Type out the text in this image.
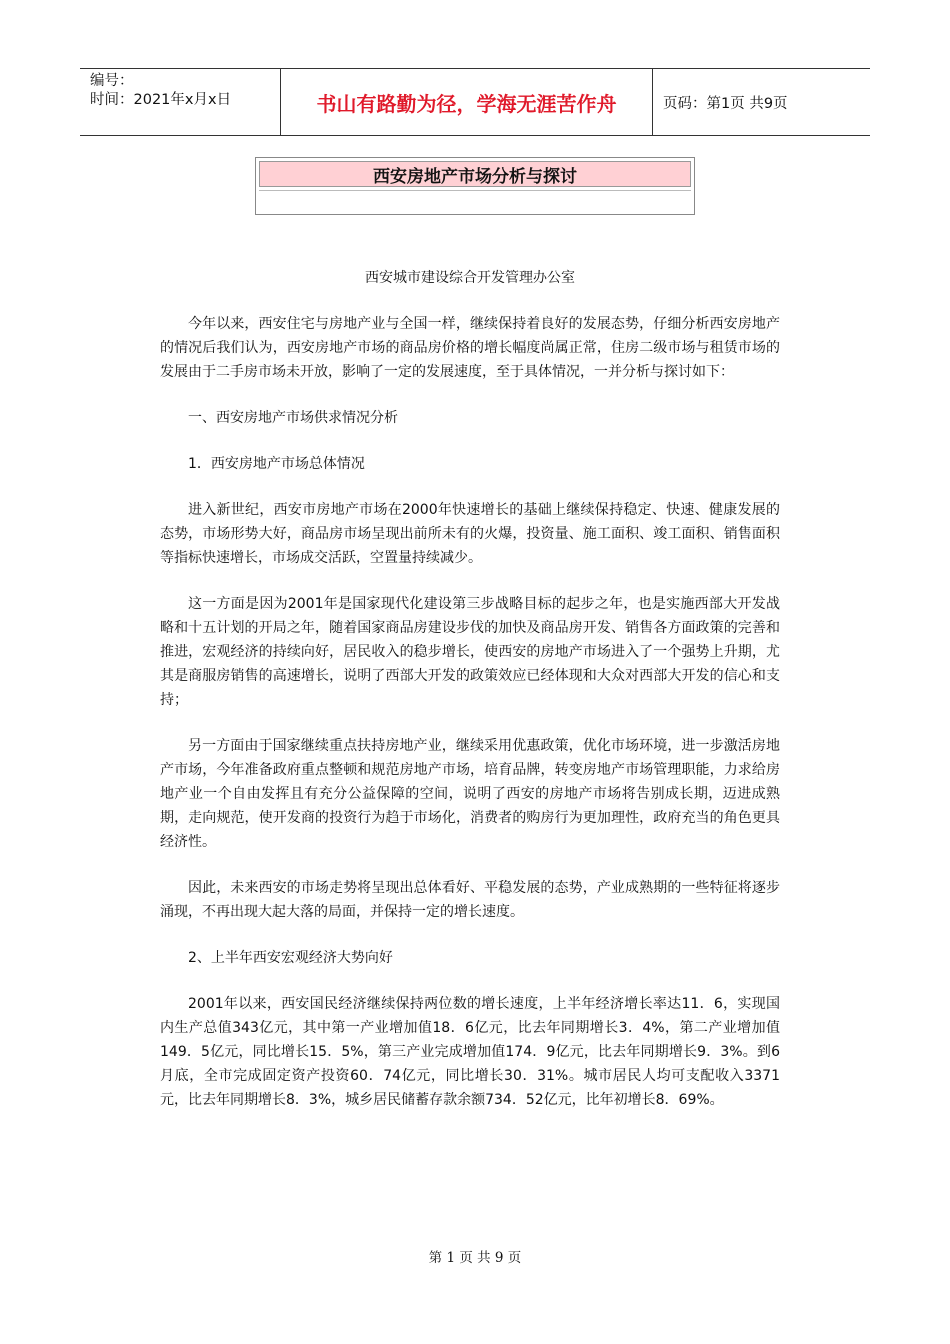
编号：
时间：2021年x月x日	书山有路勤为径，学海无涯苦作舟	页码：第1页 共9页
西安房地产市场分析与探讨

西安城市建设综合开发管理办公室

今年以来，西安住宅与房地产业与全国一样，继续保持着良好的发展态势，仔细分析西安房地产的情况后我们认为，西安房地产市场的商品房价格的增长幅度尚属正常，住房二级市场与租赁市场的发展由于二手房市场未开放，影响了一定的发展速度，至于具体情况，一并分析与探讨如下：

一、西安房地产市场供求情况分析

1．西安房地产市场总体情况

进入新世纪，西安市房地产市场在2000年快速增长的基础上继续保持稳定、快速、健康发展的态势，市场形势大好，商品房市场呈现出前所未有的火爆，投资量、施工面积、竣工面积、销售面积等指标快速增长，市场成交活跃，空置量持续减少。

这一方面是因为2001年是国家现代化建设第三步战略目标的起步之年，也是实施西部大开发战略和十五计划的开局之年，随着国家商品房建设步伐的加快及商品房开发、销售各方面政策的完善和推进，宏观经济的持续向好，居民收入的稳步增长，使西安的房地产市场进入了一个强势上升期，尤其是商服房销售的高速增长，说明了西部大开发的政策效应已经体现和大众对西部大开发的信心和支持；

另一方面由于国家继续重点扶持房地产业，继续采用优惠政策，优化市场环境，进一步激活房地产市场，今年准备政府重点整顿和规范房地产市场，培育品牌，转变房地产市场管理职能，力求给房地产业一个自由发挥且有充分公益保障的空间，说明了西安的房地产市场将告别成长期，迈进成熟期，走向规范，使开发商的投资行为趋于市场化，消费者的购房行为更加理性，政府充当的角色更具经济性。

因此，未来西安的市场走势将呈现出总体看好、平稳发展的态势，产业成熟期的一些特征将逐步涌现，不再出现大起大落的局面，并保持一定的增长速度。

2、上半年西安宏观经济大势向好

2001年以来，西安国民经济继续保持两位数的增长速度，上半年经济增长率达11．6，实现国内生产总值343亿元，其中第一产业增加值18．6亿元，比去年同期增长3．4%，第二产业增加值149．5亿元，同比增长15．5%，第三产业完成增加值174．9亿元，比去年同期增长9．3%。到6月底，全市完成固定资产投资60．74亿元，同比增长30．31%。城市居民人均可支配收入3371元，比去年同期增长8．3%，城乡居民储蓄存款余额734．52亿元，比年初增长8．69%。

第 1 页 共 9 页
